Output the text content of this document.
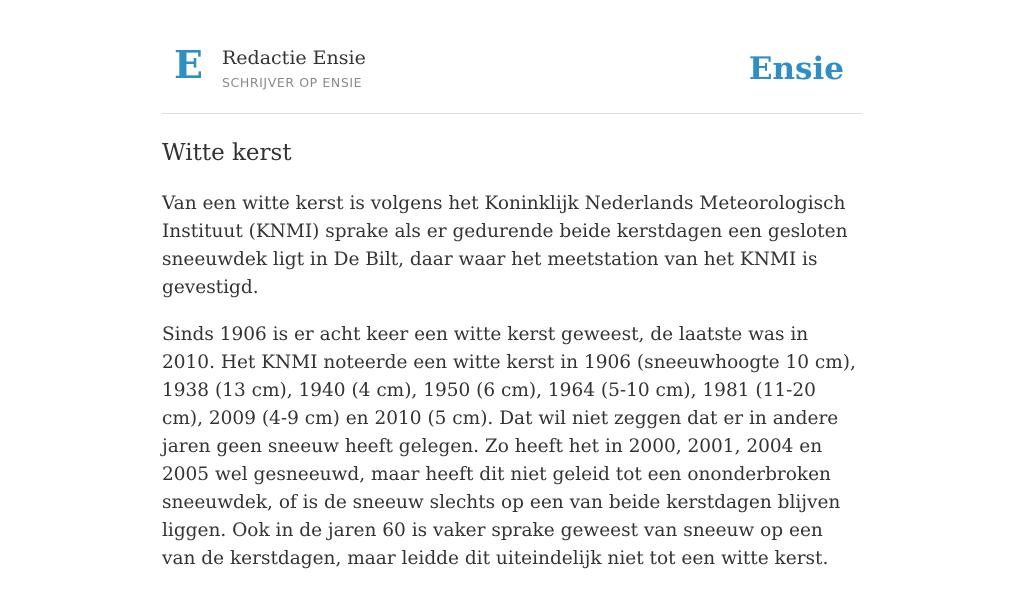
E Redactie Ensie
SCHRIJVER OP ENSIE	Ensie
Witte kerst

Van een witte kerst is volgens het Koninklijk Nederlands Meteorologisch Instituut (KNMI) sprake als er gedurende beide kerstdagen een gesloten sneeuwdek ligt in De Bilt, daar waar het meetstation van het KNMI is gevestigd.

Sinds 1906 is er acht keer een witte kerst geweest, de laatste was in 2010. Het KNMI noteerde een witte kerst in 1906 (sneeuwhoogte 10 cm), 1938 (13 cm), 1940 (4 cm), 1950 (6 cm), 1964 (5-10 cm), 1981 (11-20 cm), 2009 (4-9 cm) en 2010 (5 cm). Dat wil niet zeggen dat er in andere jaren geen sneeuw heeft gelegen. Zo heeft het in 2000, 2001, 2004 en 2005 wel gesneeuwd, maar heeft dit niet geleid tot een ononderbroken sneeuwdek, of is de sneeuw slechts op een van beide kerstdagen blijven liggen. Ook in de jaren 60 is vaker sprake geweest van sneeuw op een van de kerstdagen, maar leidde dit uiteindelijk niet tot een witte kerst.
